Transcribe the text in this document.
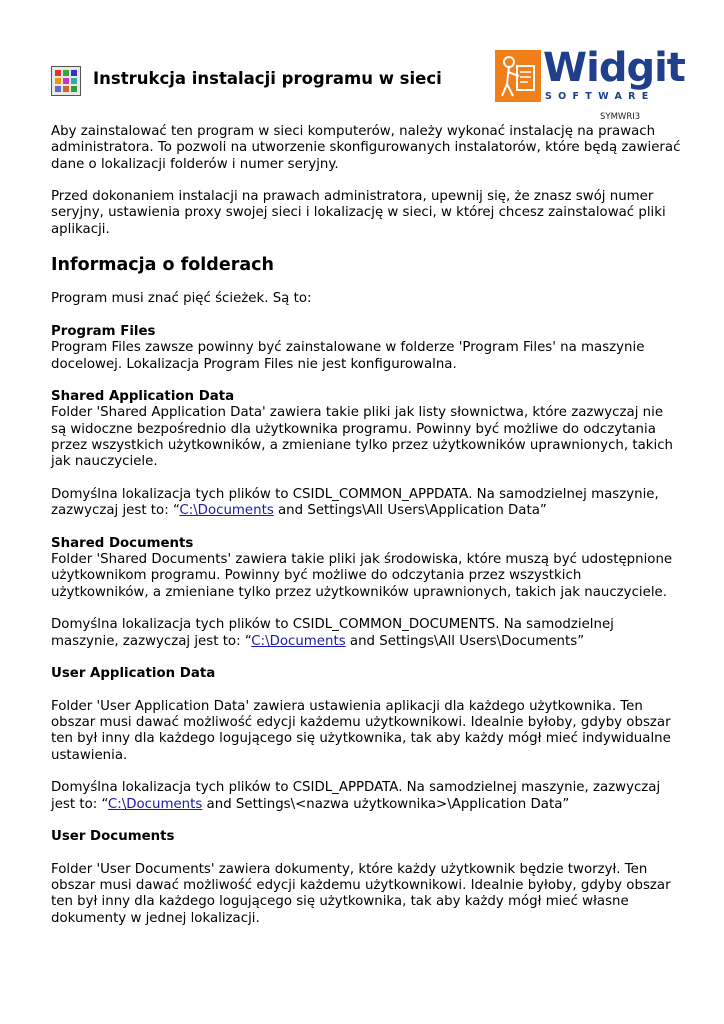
Instrukcja instalacji programu w sieci	Widgit
SOFTWARE
SYMWRI3

Aby zainstalować ten program w sieci komputerów, należy wykonać instalację na prawach administratora. To pozwoli na utworzenie skonfigurowanych instalatorów, które będą zawierać dane o lokalizacji folderów i numer seryjny.

Przed dokonaniem instalacji na prawach administratora, upewnij się, że znasz swój numer seryjny, ustawienia proxy swojej sieci i lokalizację w sieci, w której chcesz zainstalować pliki aplikacji.

Informacja o folderach

Program musi znać pięć ścieżek. Są to:

Program Files
Program Files zawsze powinny być zainstalowane w folderze 'Program Files' na maszynie docelowej. Lokalizacja Program Files nie jest konfigurowalna.

Shared Application Data
Folder 'Shared Application Data' zawiera takie pliki jak listy słownictwa, które zazwyczaj nie są widoczne bezpośrednio dla użytkownika programu. Powinny być możliwe do odczytania przez wszystkich użytkowników, a zmieniane tylko przez użytkowników uprawnionych, takich jak nauczyciele.

Domyślna lokalizacja tych plików to CSIDL_COMMON_APPDATA. Na samodzielnej maszynie, zazwyczaj jest to: “C:\Documents and Settings\All Users\Application Data”

Shared Documents
Folder 'Shared Documents' zawiera takie pliki jak środowiska, które muszą być udostępnione użytkownikom programu. Powinny być możliwe do odczytania przez wszystkich użytkowników, a zmieniane tylko przez użytkowników uprawnionych, takich jak nauczyciele.

Domyślna lokalizacja tych plików to CSIDL_COMMON_DOCUMENTS. Na samodzielnej maszynie, zazwyczaj jest to: “C:\Documents and Settings\All Users\Documents”

User Application Data

Folder 'User Application Data' zawiera ustawienia aplikacji dla każdego użytkownika. Ten obszar musi dawać możliwość edycji każdemu użytkownikowi. Idealnie byłoby, gdyby obszar ten był inny dla każdego logującego się użytkownika, tak aby każdy mógł mieć indywidualne ustawienia.

Domyślna lokalizacja tych plików to CSIDL_APPDATA. Na samodzielnej maszynie, zazwyczaj jest to: “C:\Documents and Settings\<nazwa użytkownika>\Application Data”

User Documents

Folder 'User Documents' zawiera dokumenty, które każdy użytkownik będzie tworzył. Ten obszar musi dawać możliwość edycji każdemu użytkownikowi. Idealnie byłoby, gdyby obszar ten był inny dla każdego logującego się użytkownika, tak aby każdy mógł mieć własne dokumenty w jednej lokalizacji.
